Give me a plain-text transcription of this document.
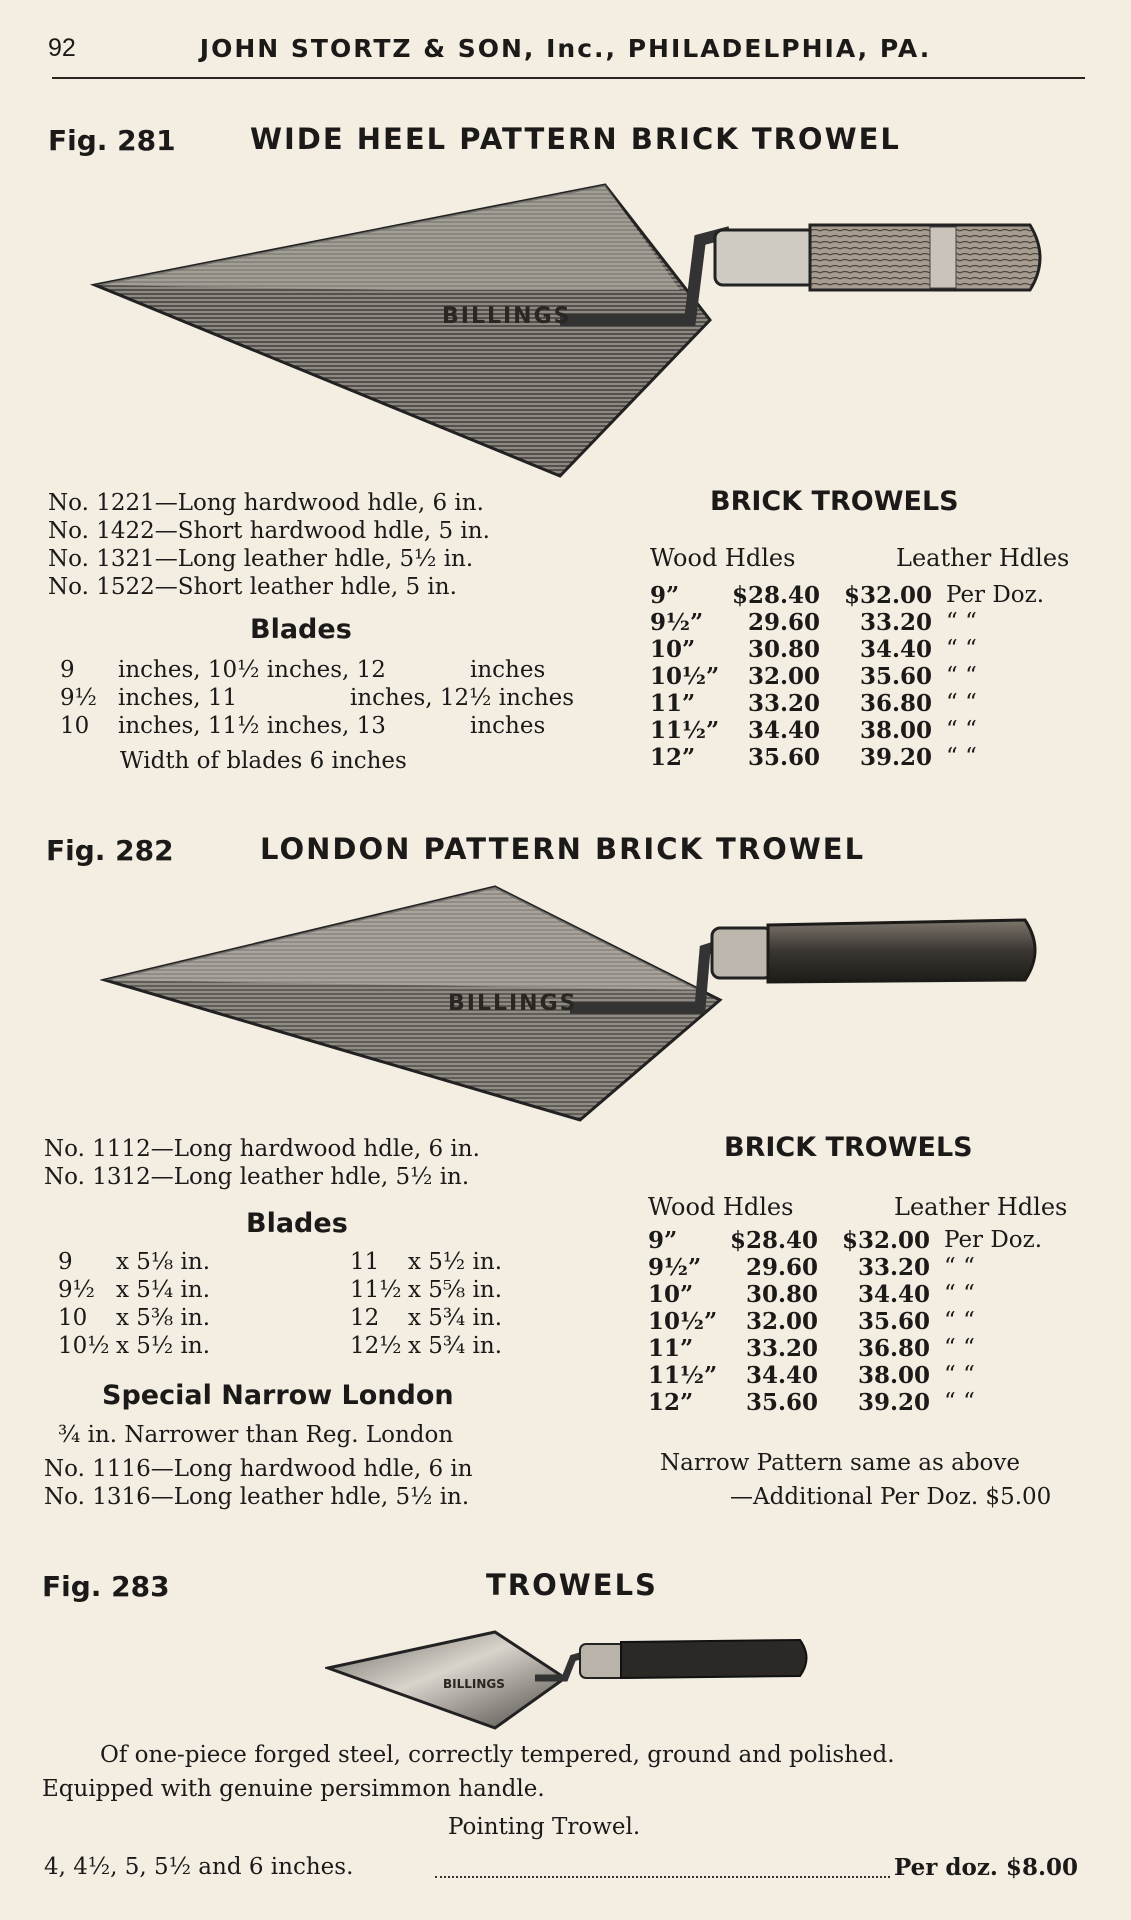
92	JOHN STORTZ & SON, Inc., PHILADELPHIA, PA.
Fig. 281	WIDE HEEL PATTERN BRICK TROWEL
BILLINGS
No. 1221—Long hardwood hdle, 6 in.
No. 1422—Short hardwood hdle, 5 in.
No. 1321—Long leather hdle, 5½ in.
No. 1522—Short leather hdle, 5 in.
Blades
9 inches, 10½ inches, 12	inches
9½ inches, 11	inches, 12½ inches
10 inches, 11½ inches, 13	inches
Width of blades 6 inches
BRICK TROWELS
Wood Hdles	Leather Hdles
9”	$28.40	$32.00	Per Doz.
9½”	29.60	33.20	“ “
10”	30.80	34.40	“ “
10½”	32.00	35.60	“ “
11”	33.20	36.80	“ “
11½”	34.40	38.00	“ “
12”	35.60	39.20	“ “
Fig. 282	LONDON PATTERN BRICK TROWEL
BILLINGS
No. 1112—Long hardwood hdle, 6 in.
No. 1312—Long leather hdle, 5½ in.
Blades
9 x 5⅛ in.	11 x 5½ in.
9½ x 5¼ in.	11½ x 5⅝ in.
10 x 5⅜ in.	12 x 5¾ in.
10½ x 5½ in.	12½ x 5¾ in.
Special Narrow London
¾ in. Narrower than Reg. London
No. 1116—Long hardwood hdle, 6 in
No. 1316—Long leather hdle, 5½ in.
BRICK TROWELS
Wood Hdles	Leather Hdles
9”	$28.40	$32.00	Per Doz.
9½”	29.60	33.20	“ “
10”	30.80	34.40	“ “
10½”	32.00	35.60	“ “
11”	33.20	36.80	“ “
11½”	34.40	38.00	“ “
12”	35.60	39.20	“ “
Narrow Pattern same as above
—Additional Per Doz. $5.00
Fig. 283	TROWELS
BILLINGS
Of one-piece forged steel, correctly tempered, ground and polished.
Equipped with genuine persimmon handle.
Pointing Trowel.
4, 4½, 5, 5½ and 6 inches.	Per doz. $8.00
